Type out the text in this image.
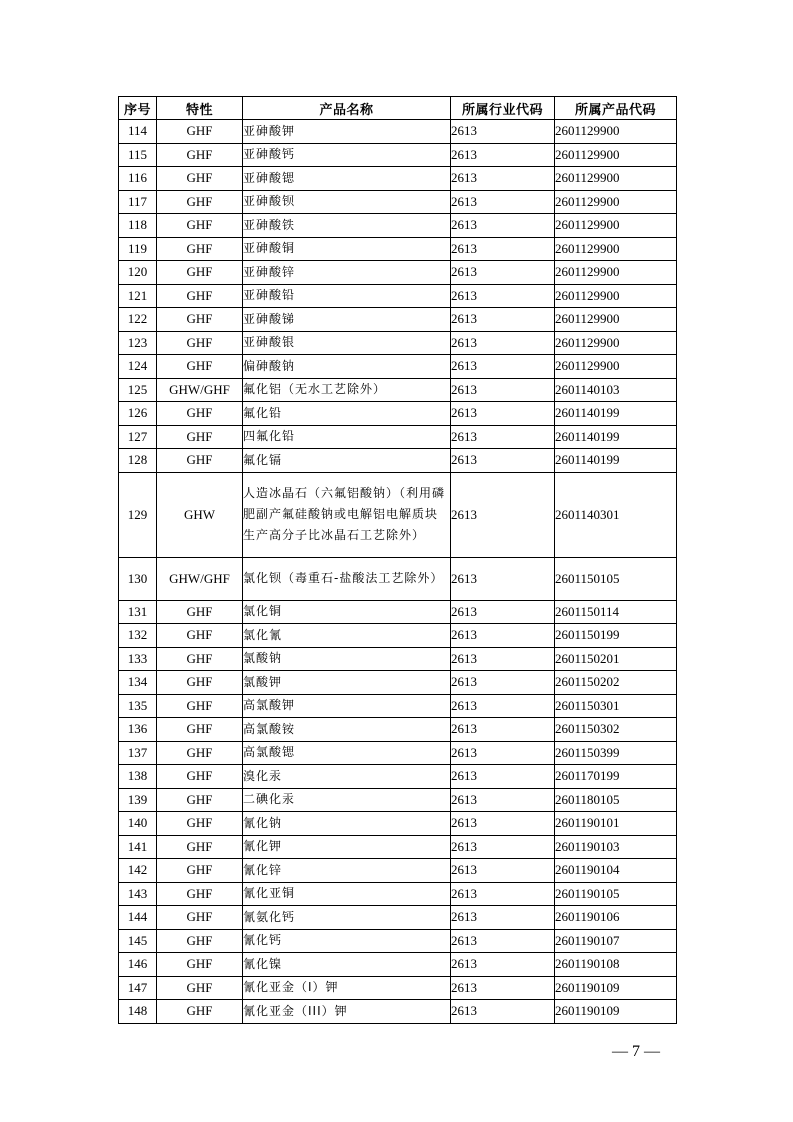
序号	特性	产品名称	所属行业代码	所属产品代码
114	GHF	亚砷酸钾	2613	2601129900
115	GHF	亚砷酸钙	2613	2601129900
116	GHF	亚砷酸锶	2613	2601129900
117	GHF	亚砷酸钡	2613	2601129900
118	GHF	亚砷酸铁	2613	2601129900
119	GHF	亚砷酸铜	2613	2601129900
120	GHF	亚砷酸锌	2613	2601129900
121	GHF	亚砷酸铅	2613	2601129900
122	GHF	亚砷酸锑	2613	2601129900
123	GHF	亚砷酸银	2613	2601129900
124	GHF	偏砷酸钠	2613	2601129900
125	GHW/GHF	氟化铝（无水工艺除外）	2613	2601140103
126	GHF	氟化铅	2613	2601140199
127	GHF	四氟化铅	2613	2601140199
128	GHF	氟化镉	2613	2601140199
129	GHW	人造冰晶石（六氟铝酸钠）（利用磷肥副产氟硅酸钠或电解铝电解质块生产高分子比冰晶石工艺除外）	2613	2601140301
130	GHW/GHF	氯化钡（毒重石-盐酸法工艺除外）	2613	2601150105
131	GHF	氯化铜	2613	2601150114
132	GHF	氯化氰	2613	2601150199
133	GHF	氯酸钠	2613	2601150201
134	GHF	氯酸钾	2613	2601150202
135	GHF	高氯酸钾	2613	2601150301
136	GHF	高氯酸铵	2613	2601150302
137	GHF	高氯酸锶	2613	2601150399
138	GHF	溴化汞	2613	2601170199
139	GHF	二碘化汞	2613	2601180105
140	GHF	氰化钠	2613	2601190101
141	GHF	氰化钾	2613	2601190103
142	GHF	氰化锌	2613	2601190104
143	GHF	氰化亚铜	2613	2601190105
144	GHF	氰氨化钙	2613	2601190106
145	GHF	氰化钙	2613	2601190107
146	GHF	氰化镍	2613	2601190108
147	GHF	氰化亚金（I）钾	2613	2601190109
148	GHF	氰化亚金（III）钾	2613	2601190109
— 7 —
